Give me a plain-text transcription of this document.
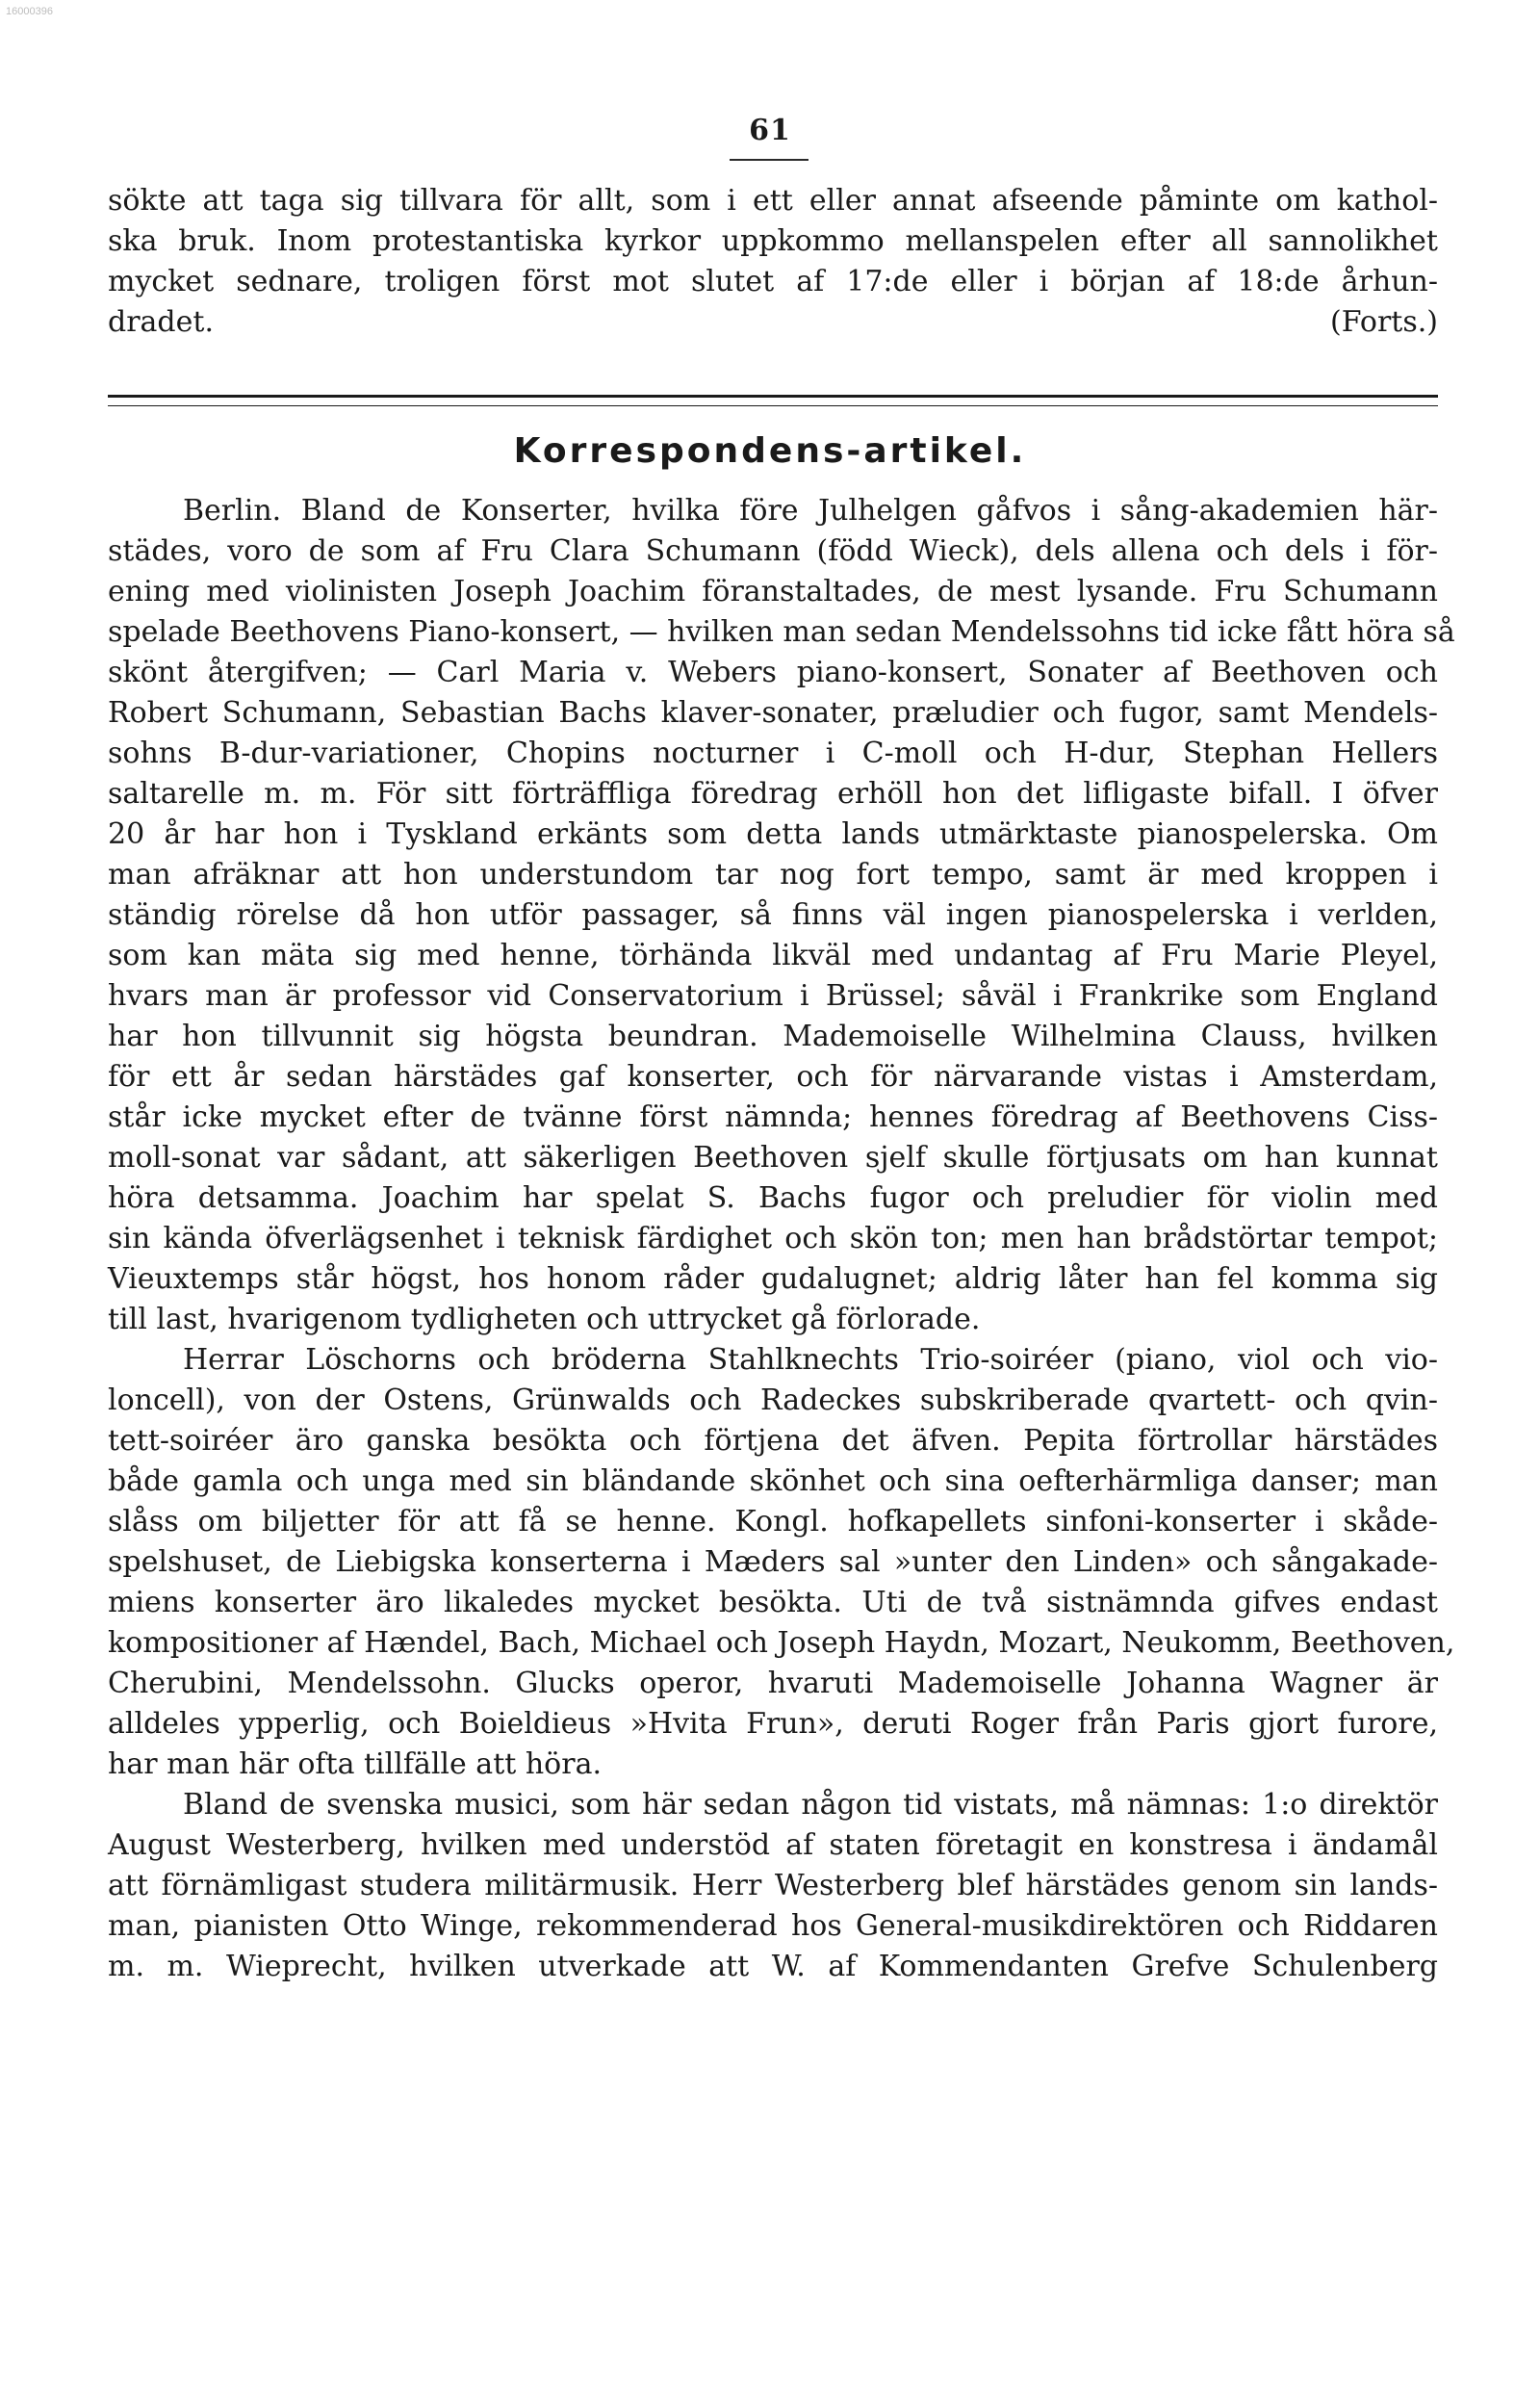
16000396
61
sökte att taga sig tillvara för allt, som i ett eller annat afseende påminte om kathol-
ska bruk. Inom protestantiska kyrkor uppkommo mellanspelen efter all sannolikhet
mycket sednare, troligen först mot slutet af 17:de eller i början af 18:de århun-
dradet.	(Forts.)
Korrespondens-artikel.
Berlin. Bland de Konserter, hvilka före Julhelgen gåfvos i sång-akademien här-
städes, voro de som af Fru Clara Schumann (född Wieck), dels allena och dels i för-
ening med violinisten Joseph Joachim föranstaltades, de mest lysande. Fru Schumann
spelade Beethovens Piano-konsert, — hvilken man sedan Mendelssohns tid icke fått höra så
skönt återgifven; — Carl Maria v. Webers piano-konsert, Sonater af Beethoven och
Robert Schumann, Sebastian Bachs klaver-sonater, præludier och fugor, samt Mendels-
sohns B-dur-variationer, Chopins nocturner i C-moll och H-dur, Stephan Hellers
saltarelle m. m. För sitt förträffliga föredrag erhöll hon det lifligaste bifall. I öfver
20 år har hon i Tyskland erkänts som detta lands utmärktaste pianospelerska. Om
man afräknar att hon understundom tar nog fort tempo, samt är med kroppen i
ständig rörelse då hon utför passager, så finns väl ingen pianospelerska i verlden,
som kan mäta sig med henne, törhända likväl med undantag af Fru Marie Pleyel,
hvars man är professor vid Conservatorium i Brüssel; såväl i Frankrike som England
har hon tillvunnit sig högsta beundran. Mademoiselle Wilhelmina Clauss, hvilken
för ett år sedan härstädes gaf konserter, och för närvarande vistas i Amsterdam,
står icke mycket efter de tvänne först nämnda; hennes föredrag af Beethovens Ciss-
moll-sonat var sådant, att säkerligen Beethoven sjelf skulle förtjusats om han kunnat
höra detsamma. Joachim har spelat S. Bachs fugor och preludier för violin med
sin kända öfverlägsenhet i teknisk färdighet och skön ton; men han brådstörtar tempot;
Vieuxtemps står högst, hos honom råder gudalugnet; aldrig låter han fel komma sig
till last, hvarigenom tydligheten och uttrycket gå förlorade.
Herrar Löschorns och bröderna Stahlknechts Trio-soiréer (piano, viol och vio-
loncell), von der Ostens, Grünwalds och Radeckes subskriberade qvartett- och qvin-
tett-soiréer äro ganska besökta och förtjena det äfven. Pepita förtrollar härstädes
både gamla och unga med sin bländande skönhet och sina oefterhärmliga danser; man
slåss om biljetter för att få se henne. Kongl. hofkapellets sinfoni-konserter i skåde-
spelshuset, de Liebigska konserterna i Mæders sal »unter den Linden» och sångakade-
miens konserter äro likaledes mycket besökta. Uti de två sistnämnda gifves endast
kompositioner af Hændel, Bach, Michael och Joseph Haydn, Mozart, Neukomm, Beethoven,
Cherubini, Mendelssohn. Glucks operor, hvaruti Mademoiselle Johanna Wagner är
alldeles ypperlig, och Boieldieus »Hvita Frun», deruti Roger från Paris gjort furore,
har man här ofta tillfälle att höra.
Bland de svenska musici, som här sedan någon tid vistats, må nämnas: 1:o direktör
August Westerberg, hvilken med understöd af staten företagit en konstresa i ändamål
att förnämligast studera militärmusik. Herr Westerberg blef härstädes genom sin lands-
man, pianisten Otto Winge, rekommenderad hos General-musikdirektören och Riddaren
m. m. Wieprecht, hvilken utverkade att W. af Kommendanten Grefve Schulenberg
